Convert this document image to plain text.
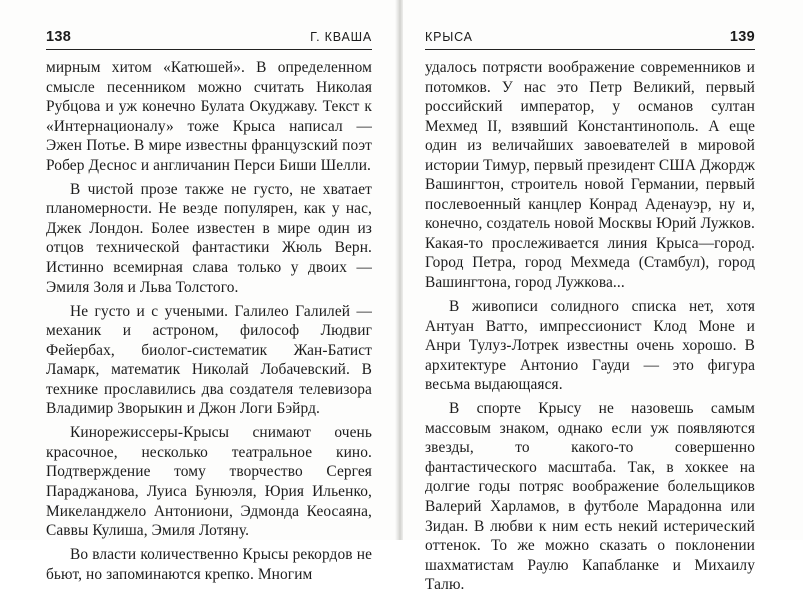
138	Г. КВАША

мирным хитом «Катюшей». В определенном смысле песенником можно считать Николая Рубцова и уж конечно Булата Окуджаву. Текст к «Интернационалу» тоже Крыса написал — Эжен Потье. В мире известны французский поэт Робер Деснос и англичанин Перси Биши Шелли.

В чистой прозе также не густо, не хватает планомерности. Не везде популярен, как у нас, Джек Лондон. Более известен в мире один из отцов технической фантастики Жюль Верн. Истинно всемирная слава только у двоих — Эмиля Золя и Льва Толстого.

Не густо и с учеными. Галилео Галилей — механик и астроном, философ Людвиг Фейербах, биолог-систематик Жан-Батист Ламарк, математик Николай Лобачевский. В технике прославились два создателя телевизора Владимир Зворыкин и Джон Логи Бэйрд.

Кинорежиссеры-Крысы снимают очень красочное, несколько театральное кино. Подтверждение тому творчество Сергея Параджанова, Луиса Бунюэля, Юрия Ильенко, Микеланджело Антониони, Эдмонда Кеосаяна, Саввы Кулиша, Эмиля Лотяну.

Во власти количественно Крысы рекордов не бьют, но запоминаются крепко. Многим

КРЫСА	139

удалось потрясти воображение современников и потомков. У нас это Петр Великий, первый российский император, у османов султан Мехмед II, взявший Константинополь. А еще один из величайших завоевателей в мировой истории Тимур, первый президент США Джордж Вашингтон, строитель новой Германии, первый послевоенный канцлер Конрад Аденауэр, ну и, конечно, создатель новой Москвы Юрий Лужков. Какая-то прослеживается линия Крыса—город. Город Петра, город Мехмеда (Стамбул), город Вашингтона, город Лужкова...

В живописи солидного списка нет, хотя Антуан Ватто, импрессионист Клод Моне и Анри Тулуз-Лотрек известны очень хорошо. В архитектуре Антонио Гауди — это фигура весьма выдающаяся.

В спорте Крысу не назовешь самым массовым знаком, однако если уж появляются звезды, то какого-то совершенно фантастического масштаба. Так, в хоккее на долгие годы потряс воображение болельщиков Валерий Харламов, в футболе Марадонна или Зидан. В любви к ним есть некий истерический оттенок. То же можно сказать о поклонении шахматистам Раулю Капабланке и Михаилу Талю.
